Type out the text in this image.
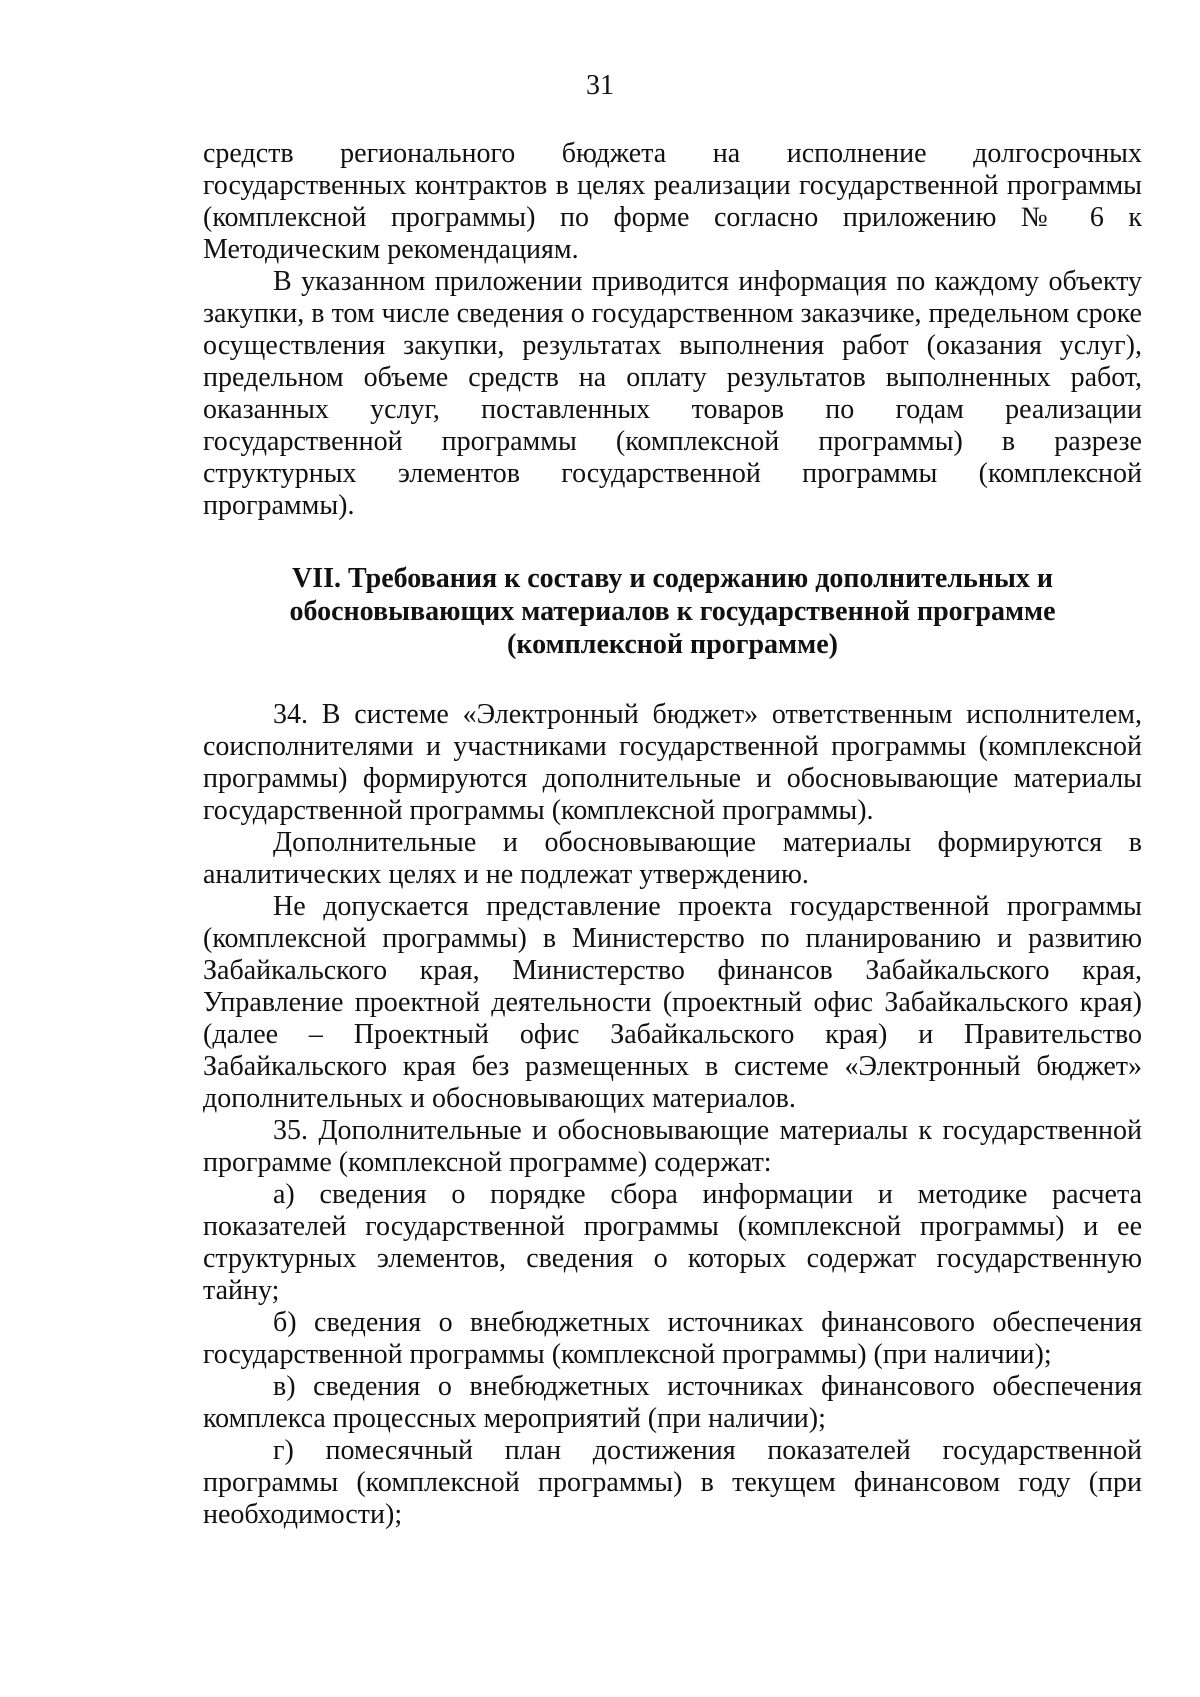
31

средств регионального бюджета на исполнение долгосрочных государственных контрактов в целях реализации государственной программы (комплексной программы) по форме согласно приложению № 6 к Методическим рекомендациям.

В указанном приложении приводится информация по каждому объекту закупки, в том числе сведения о государственном заказчике, предельном сроке осуществления закупки, результатах выполнения работ (оказания услуг), предельном объеме средств на оплату результатов выполненных работ, оказанных услуг, поставленных товаров по годам реализации государственной программы (комплексной программы) в разрезе структурных элементов государственной программы (комплексной программы).

VII. Требования к составу и содержанию дополнительных и
обосновывающих материалов к государственной программе
(комплексной программе)

34. В системе «Электронный бюджет» ответственным исполнителем, соисполнителями и участниками государственной программы (комплексной программы) формируются дополнительные и обосновывающие материалы государственной программы (комплексной программы).

Дополнительные и обосновывающие материалы формируются в аналитических целях и не подлежат утверждению.

Не допускается представление проекта государственной программы (комплексной программы) в Министерство по планированию и развитию Забайкальского края, Министерство финансов Забайкальского края, Управление проектной деятельности (проектный офис Забайкальского края) (далее – Проектный офис Забайкальского края) и Правительство Забайкальского края без размещенных в системе «Электронный бюджет» дополнительных и обосновывающих материалов.

35. Дополнительные и обосновывающие материалы к государственной программе (комплексной программе) содержат:

а) сведения о порядке сбора информации и методике расчета показателей государственной программы (комплексной программы) и ее структурных элементов, сведения о которых содержат государственную тайну;

б) сведения о внебюджетных источниках финансового обеспечения государственной программы (комплексной программы) (при наличии);

в) сведения о внебюджетных источниках финансового обеспечения комплекса процессных мероприятий (при наличии);

г) помесячный план достижения показателей государственной программы (комплексной программы) в текущем финансовом году (при необходимости);
